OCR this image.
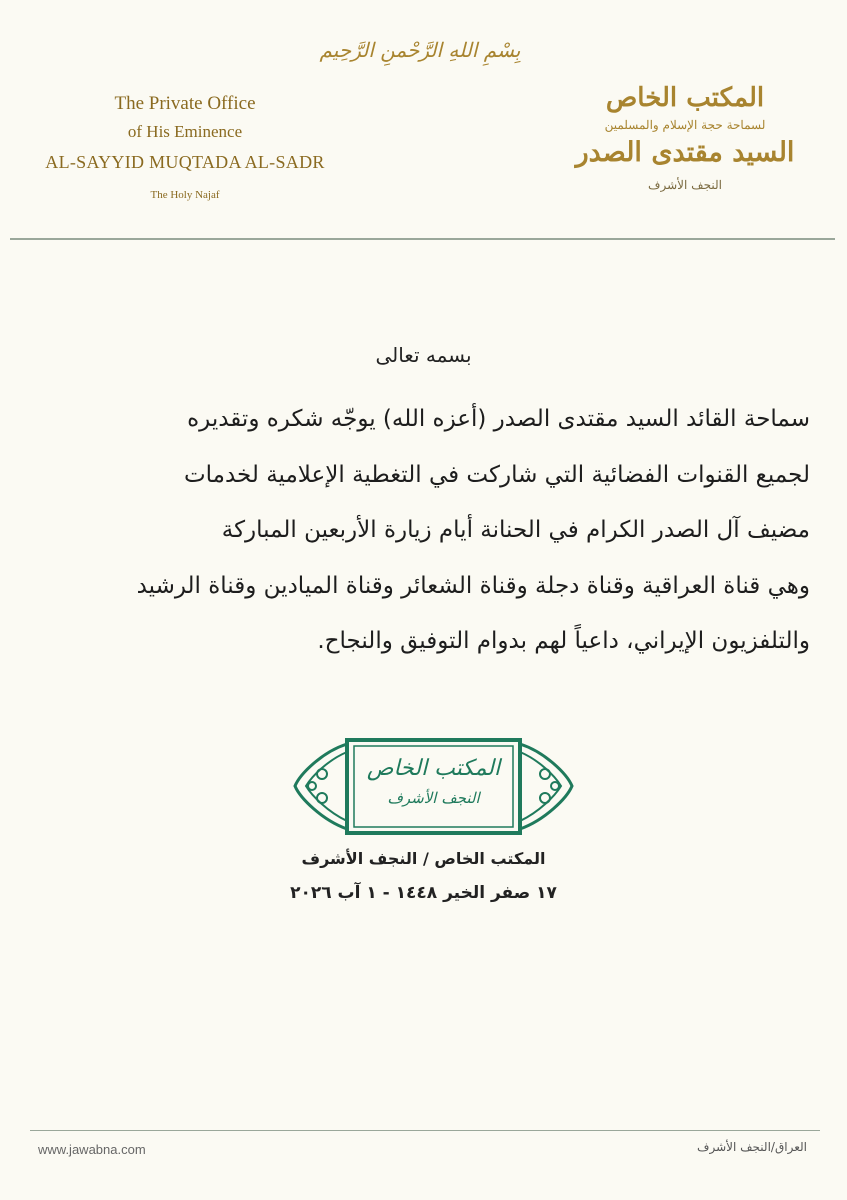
بِسْمِ اللهِ الرَّحْمنِ الرَّحِيم
The Private Office
of His Eminence
AL-SAYYID MUQTADA AL-SADR
The Holy Najaf
المكتب الخاص
لسماحة حجة الإسلام والمسلمين
السيد مقتدى الصدر
النجف الأشرف
بسمه تعالى
سماحة القائد السيد مقتدى الصدر (أعزه الله) يوجّه شكره وتقديره
لجميع القنوات الفضائية التي شاركت في التغطية الإعلامية لخدمات
مضيف آل الصدر الكرام في الحنانة أيام زيارة الأربعين المباركة
وهي قناة العراقية وقناة دجلة وقناة الشعائر وقناة الميادين وقناة الرشيد
والتلفزيون الإيراني، داعياً لهم بدوام التوفيق والنجاح.
المكتب الخاص
النجف الأشرف
المكتب الخاص / النجف الأشرف
١٧ صفر الخير ١٤٤٨ - ١ آب ٢٠٢٦
www.jawabna.com	العراق/النجف الأشرف
